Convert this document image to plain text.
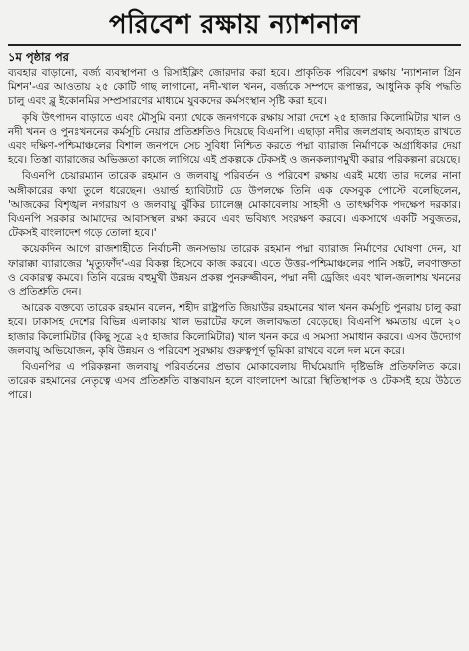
পরিবেশ রক্ষায় ন্যাশনাল
১ম পৃষ্ঠার পর

ব্যবহার বাড়ানো, বর্জ্য ব্যবস্থাপনা ও রিসাইক্লিং জোরদার করা হবে। প্রাকৃতিক পরিবেশ রক্ষায় 'ন্যাশনাল গ্রিন মিশন'-এর আওতায় ২৫ কোটি গাছ লাগানো, নদী-খাল খনন, বর্জ্যকে সম্পদে রূপান্তর, আধুনিক কৃষি পদ্ধতি চালু এবং ব্লু ইকোনমির সম্প্রসারণের মাধ্যমে যুবকদের কর্মসংস্থান সৃষ্টি করা হবে।

কৃষি উৎপাদন বাড়াতে এবং মৌসুমি বন্যা থেকে জনগণকে রক্ষায় সারা দেশে ২৫ হাজার কিলোমিটার খাল ও নদী খনন ও পুনঃখননের কর্মসূচি নেয়ার প্রতিশ্রুতিও দিয়েছে বিএনপি। এছাড়া নদীর জলপ্রবাহ অব্যাহত রাখতে এবং দক্ষিণ-পশ্চিমাঞ্চলের বিশাল জনপদে সেচ সুবিধা নিশ্চিত করতে পদ্মা ব্যারাজ নির্মাণকে অগ্রাধিকার দেয়া হবে। তিস্তা ব্যারাজের অভিজ্ঞতা কাজে লাগিয়ে এই প্রকল্পকে টেকসই ও জনকল্যাণমুখী করার পরিকল্পনা রয়েছে।

বিএনপি চেয়ারম্যান তারেক রহমান ও জলবায়ু পরিবর্তন ও পরিবেশ রক্ষায় এরই মধ্যে তার দলের নানা অঙ্গীকারের কথা তুলে ধরেছেন। ওয়ার্ল্ড হ্যাবিট্যাট ডে উপলক্ষে তিনি এক ফেসবুক পোস্টে বলেছিলেন, 'আজকের বিশৃঙ্খল নগরায়ণ ও জলবায়ু ঝুঁকির চ্যালেঞ্জ মোকাবেলায় সাহসী ও তাৎক্ষণিক পদক্ষেপ দরকার। বিএনপি সরকার আমাদের আবাসস্থল রক্ষা করবে এবং ভবিষ্যৎ সংরক্ষণ করবে। একসাথে একটি সবুজতর, টেকসই বাংলাদেশ গড়ে তোলা হবে।'

কয়েকদিন আগে রাজশাহীতে নির্বাচনী জনসভায় তারেক রহমান পদ্মা ব্যারাজ নির্মাণের ঘোষণা দেন, যা ফারাক্কা ব্যারাজের 'মৃত্যুফাঁদ'-এর বিকল্প হিসেবে কাজ করবে। এতে উত্তর-পশ্চিমাঞ্চলের পানি সঙ্কট, লবণাক্ততা ও বেকারত্ব কমবে। তিনি বরেন্দ্র বহুমুখী উন্নয়ন প্রকল্প পুনরুজ্জীবন, পদ্মা নদী ড্রেজিং এবং খাল-জলাশয় খননের ও প্রতিশ্রুতি দেন।

আরেক বক্তব্যে তারেক রহমান বলেন, শহীদ রাষ্ট্রপতি জিয়াউর রহমানের খাল খনন কর্মসূচি পুনরায় চালু করা হবে। ঢাকাসহ দেশের বিভিন্ন এলাকায় খাল ভরাটের ফলে জলাবদ্ধতা বেড়েছে। বিএনপি ক্ষমতায় এলে ২০ হাজার কিলোমিটার (কিছু সূত্রে ২৫ হাজার কিলোমিটার) খাল খনন করে এ সমস্যা সমাধান করবে। এসব উদ্যোগ জলবায়ু অভিযোজন, কৃষি উন্নয়ন ও পরিবেশ সুরক্ষায় গুরুত্বপূর্ণ ভূমিকা রাখবে বলে দল মনে করে।

বিএনপির এ পরিকল্পনা জলবায়ু পরিবর্তনের প্রভাব মোকাবেলায় দীর্ঘমেয়াদি দৃষ্টিভঙ্গি প্রতিফলিত করে। তারেক রহমানের নেতৃত্বে এসব প্রতিশ্রুতি বাস্তবায়ন হলে বাংলাদেশ আরো স্থিতিস্থাপক ও টেকসই হয়ে উঠতে পারে।
